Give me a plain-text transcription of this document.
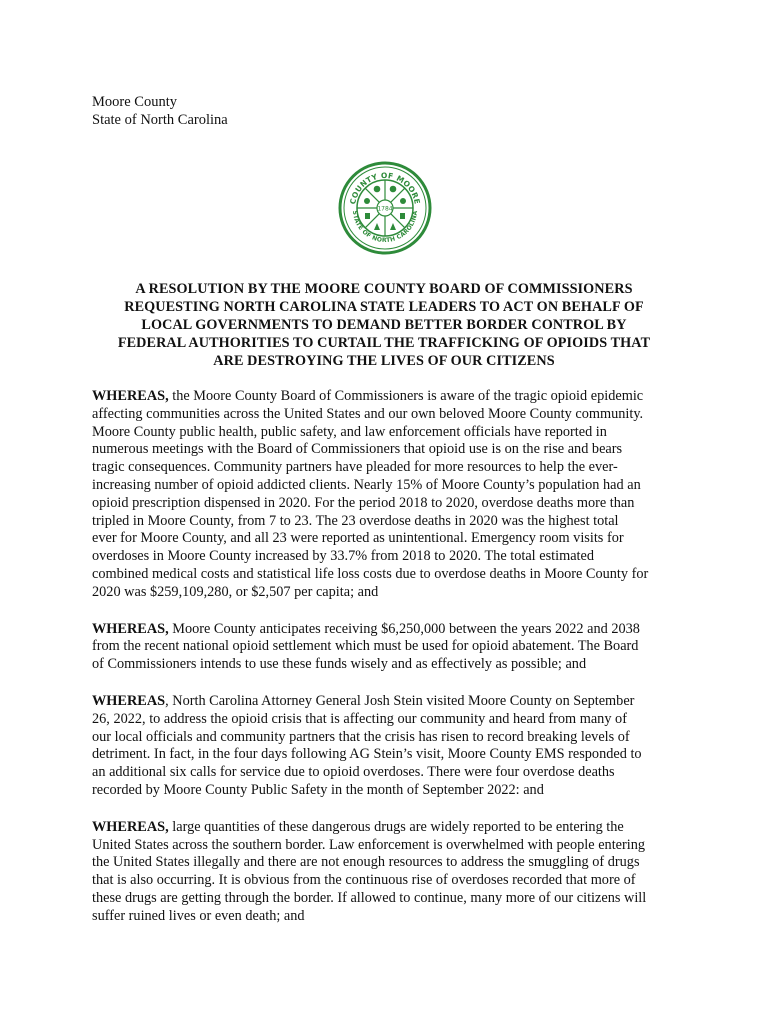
Moore County
State of North Carolina
COUNTY OF MOORE
STATE OF NORTH CAROLINA
1784
A RESOLUTION BY THE MOORE COUNTY BOARD OF COMMISSIONERS
REQUESTING NORTH CAROLINA STATE LEADERS TO ACT ON BEHALF OF
LOCAL GOVERNMENTS TO DEMAND BETTER BORDER CONTROL BY
FEDERAL AUTHORITIES TO CURTAIL THE TRAFFICKING OF OPIOIDS THAT
ARE DESTROYING THE LIVES OF OUR CITIZENS
WHEREAS, the Moore County Board of Commissioners is aware of the tragic opioid epidemic
affecting communities across the United States and our own beloved Moore County community.
Moore County public health, public safety, and law enforcement officials have reported in
numerous meetings with the Board of Commissioners that opioid use is on the rise and bears
tragic consequences. Community partners have pleaded for more resources to help the ever-
increasing number of opioid addicted clients. Nearly 15% of Moore County’s population had an
opioid prescription dispensed in 2020. For the period 2018 to 2020, overdose deaths more than
tripled in Moore County, from 7 to 23. The 23 overdose deaths in 2020 was the highest total
ever for Moore County, and all 23 were reported as unintentional. Emergency room visits for
overdoses in Moore County increased by 33.7% from 2018 to 2020. The total estimated
combined medical costs and statistical life loss costs due to overdose deaths in Moore County for
2020 was $259,109,280, or $2,507 per capita; and
WHEREAS, Moore County anticipates receiving $6,250,000 between the years 2022 and 2038
from the recent national opioid settlement which must be used for opioid abatement. The Board
of Commissioners intends to use these funds wisely and as effectively as possible; and
WHEREAS, North Carolina Attorney General Josh Stein visited Moore County on September
26, 2022, to address the opioid crisis that is affecting our community and heard from many of
our local officials and community partners that the crisis has risen to record breaking levels of
detriment. In fact, in the four days following AG Stein’s visit, Moore County EMS responded to
an additional six calls for service due to opioid overdoses. There were four overdose deaths
recorded by Moore County Public Safety in the month of September 2022: and
WHEREAS, large quantities of these dangerous drugs are widely reported to be entering the
United States across the southern border. Law enforcement is overwhelmed with people entering
the United States illegally and there are not enough resources to address the smuggling of drugs
that is also occurring. It is obvious from the continuous rise of overdoses recorded that more of
these drugs are getting through the border. If allowed to continue, many more of our citizens will
suffer ruined lives or even death; and
